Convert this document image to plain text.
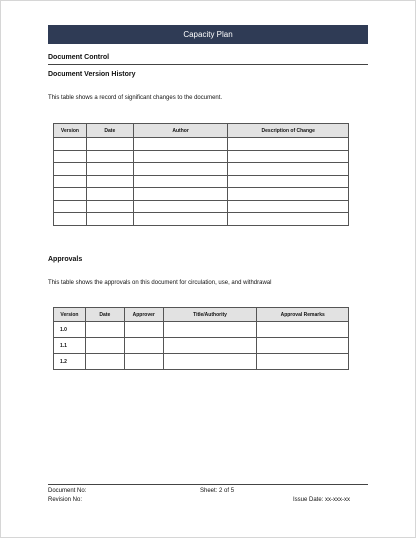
Capacity Plan
Document Control
Document Version History
This table shows a record of significant changes to the document.
Version	Date	Author	Description of Change

Approvals
This table shows the approvals on this document for circulation, use, and withdrawal
Version	Date	Approver	Title/Authority	Approval Remarks
1.0				
1.1				
1.2				
Document No:
Revision No:
Sheet: 2 of 5
Issue Date: xx-xxx-xx
